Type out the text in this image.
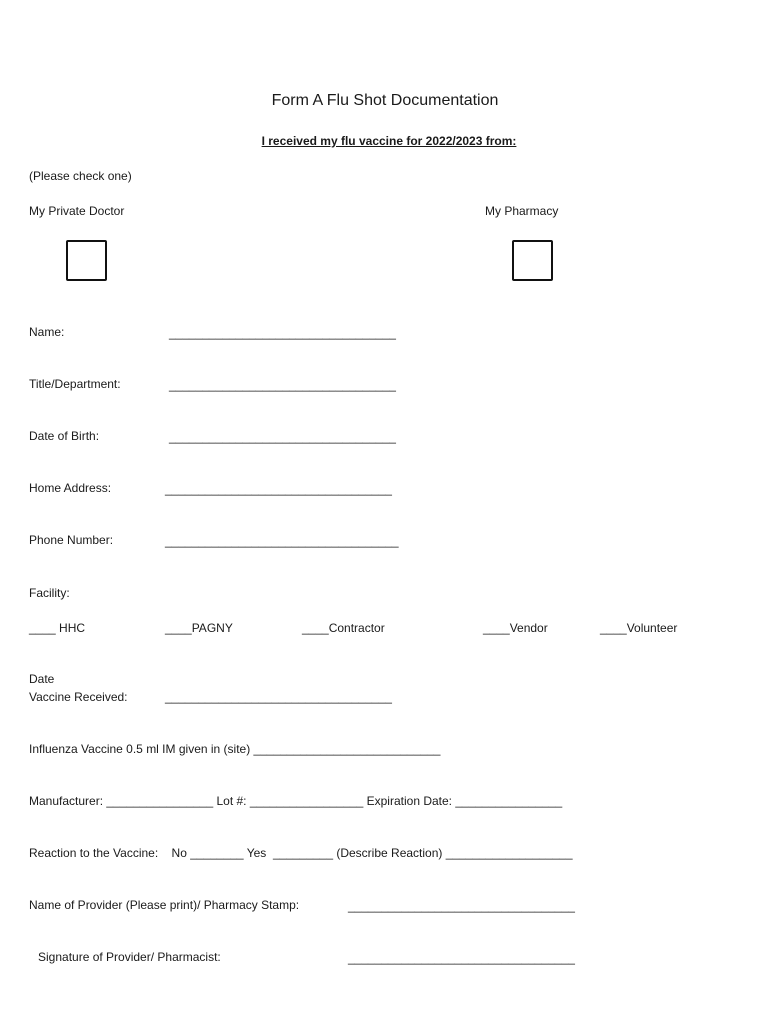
Form A Flu Shot Documentation
I received my flu vaccine for 2022/2023 from:
(Please check one)
My Private Doctor	My Pharmacy
Name:	__________________________________
Title/Department:	__________________________________
Date of Birth:	__________________________________
Home Address:	__________________________________
Phone Number:	___________________________________
Facility:
____ HHC	____PAGNY	____Contractor	____Vendor	____Volunteer
Date
Vaccine Received:	__________________________________
Influenza Vaccine 0.5 ml IM given in (site) ____________________________
Manufacturer: ________________ Lot #: _________________ Expiration Date: ________________
Reaction to the Vaccine:    No ________ Yes  _________ (Describe Reaction) ___________________
Name of Provider (Please print)/ Pharmacy Stamp:	__________________________________
Signature of Provider/ Pharmacist:	__________________________________
